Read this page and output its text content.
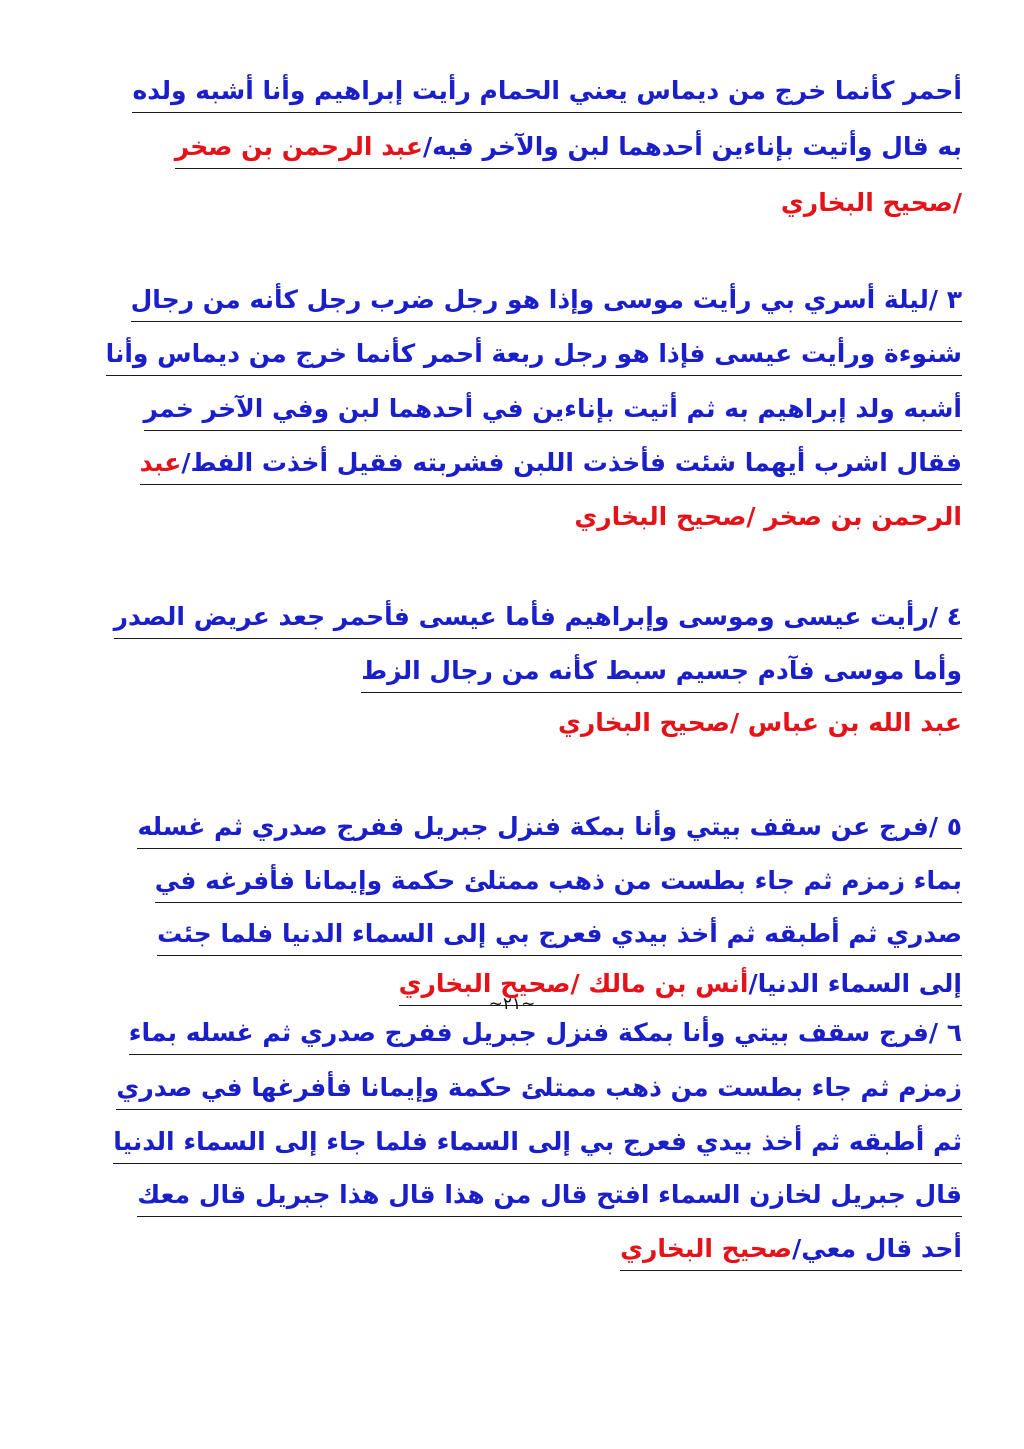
أحمر كأنما خرج من ديماس يعني الحمام رأيت إبراهيم وأنا أشبه ولده
به قال وأتيت بإناءين أحدهما لبن والآخر فيه/عبد الرحمن بن صخر
/صحيح البخاري
٣ /ليلة أسري بي رأيت موسى وإذا هو رجل ضرب رجل كأنه من رجال
شنوءة ورأيت عيسى فإذا هو رجل ربعة أحمر كأنما خرج من ديماس وأنا
أشبه ولد إبراهيم به ثم أتيت بإناءين في أحدهما لبن وفي الآخر خمر
فقال اشرب أيهما شئت فأخذت اللبن فشربته فقيل أخذت الفط/عبد
الرحمن بن صخر /صحيح البخاري
٤ /رأيت عيسى وموسى وإبراهيم فأما عيسى فأحمر جعد عريض الصدر
وأما موسى فآدم جسيم سبط كأنه من رجال الزط
عبد الله بن عباس /صحيح البخاري
٥ /فرج عن سقف بيتي وأنا بمكة فنزل جبريل ففرج صدري ثم غسله
بماء زمزم ثم جاء بطست من ذهب ممتلئ حكمة وإيمانا فأفرغه في
صدري ثم أطبقه ثم أخذ بيدي فعرج بي إلى السماء الدنيا فلما جئت
إلى السماء الدنيا/أنس بن مالك /صحيح البخاري
٦ /فرج سقف بيتي وأنا بمكة فنزل جبريل ففرج صدري ثم غسله بماء
زمزم ثم جاء بطست من ذهب ممتلئ حكمة وإيمانا فأفرغها في صدري
ثم أطبقه ثم أخذ بيدي فعرج بي إلى السماء فلما جاء إلى السماء الدنيا
قال جبريل لخازن السماء افتح قال من هذا قال هذا جبريل قال معك
أحد قال معي/صحيح البخاري
~٢١~
